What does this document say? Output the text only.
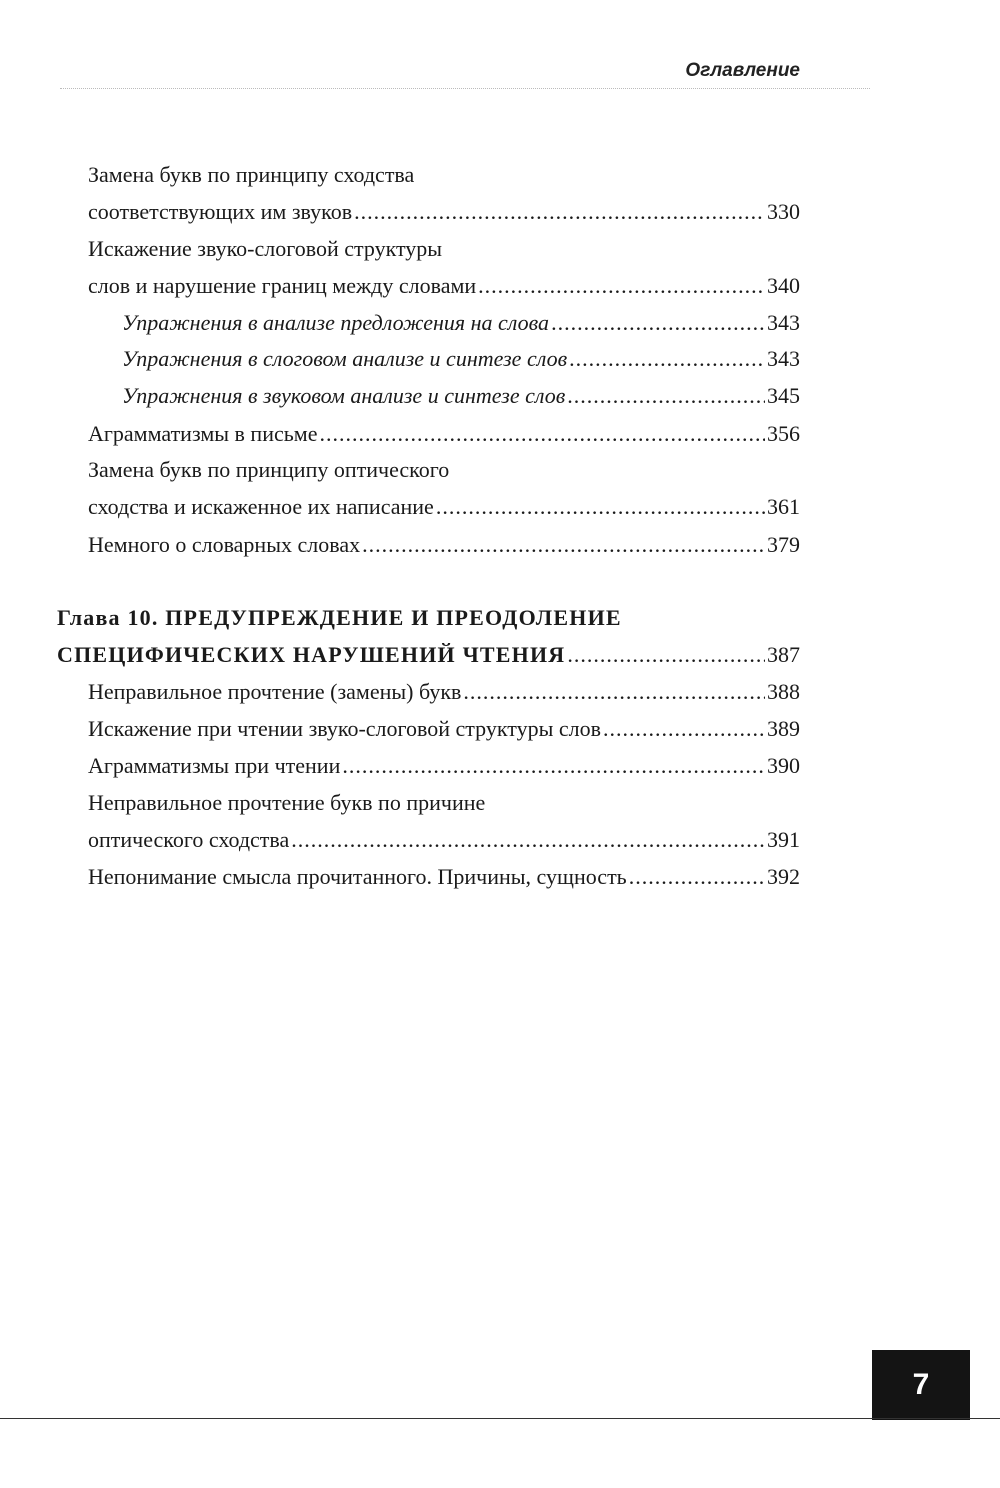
Оглавление
Замена букв по принципу сходства
соответствующих им звуков .....	330
Искажение звуко-слоговой структуры
слов и нарушение границ между словами .....	340
Упражнения в анализе предложения на слова .....	343
Упражнения в слоговом анализе и синтезе слов .....	343
Упражнения в звуковом анализе и синтезе слов .....	345
Аграмматизмы в письме .....	356
Замена букв по принципу оптического
сходства и искаженное их написание .....	361
Немного о словарных словах .....	379
Глава 10. ПРЕДУПРЕЖДЕНИЕ И ПРЕОДОЛЕНИЕ
СПЕЦИФИЧЕСКИХ НАРУШЕНИЙ ЧТЕНИЯ .....	387
Неправильное прочтение (замены) букв .....	388
Искажение при чтении звуко-слоговой структуры слов .....	389
Аграмматизмы при чтении .....	390
Неправильное прочтение букв по причине
оптического сходства .....	391
Непонимание смысла прочитанного. Причины, сущность .....	392
7
